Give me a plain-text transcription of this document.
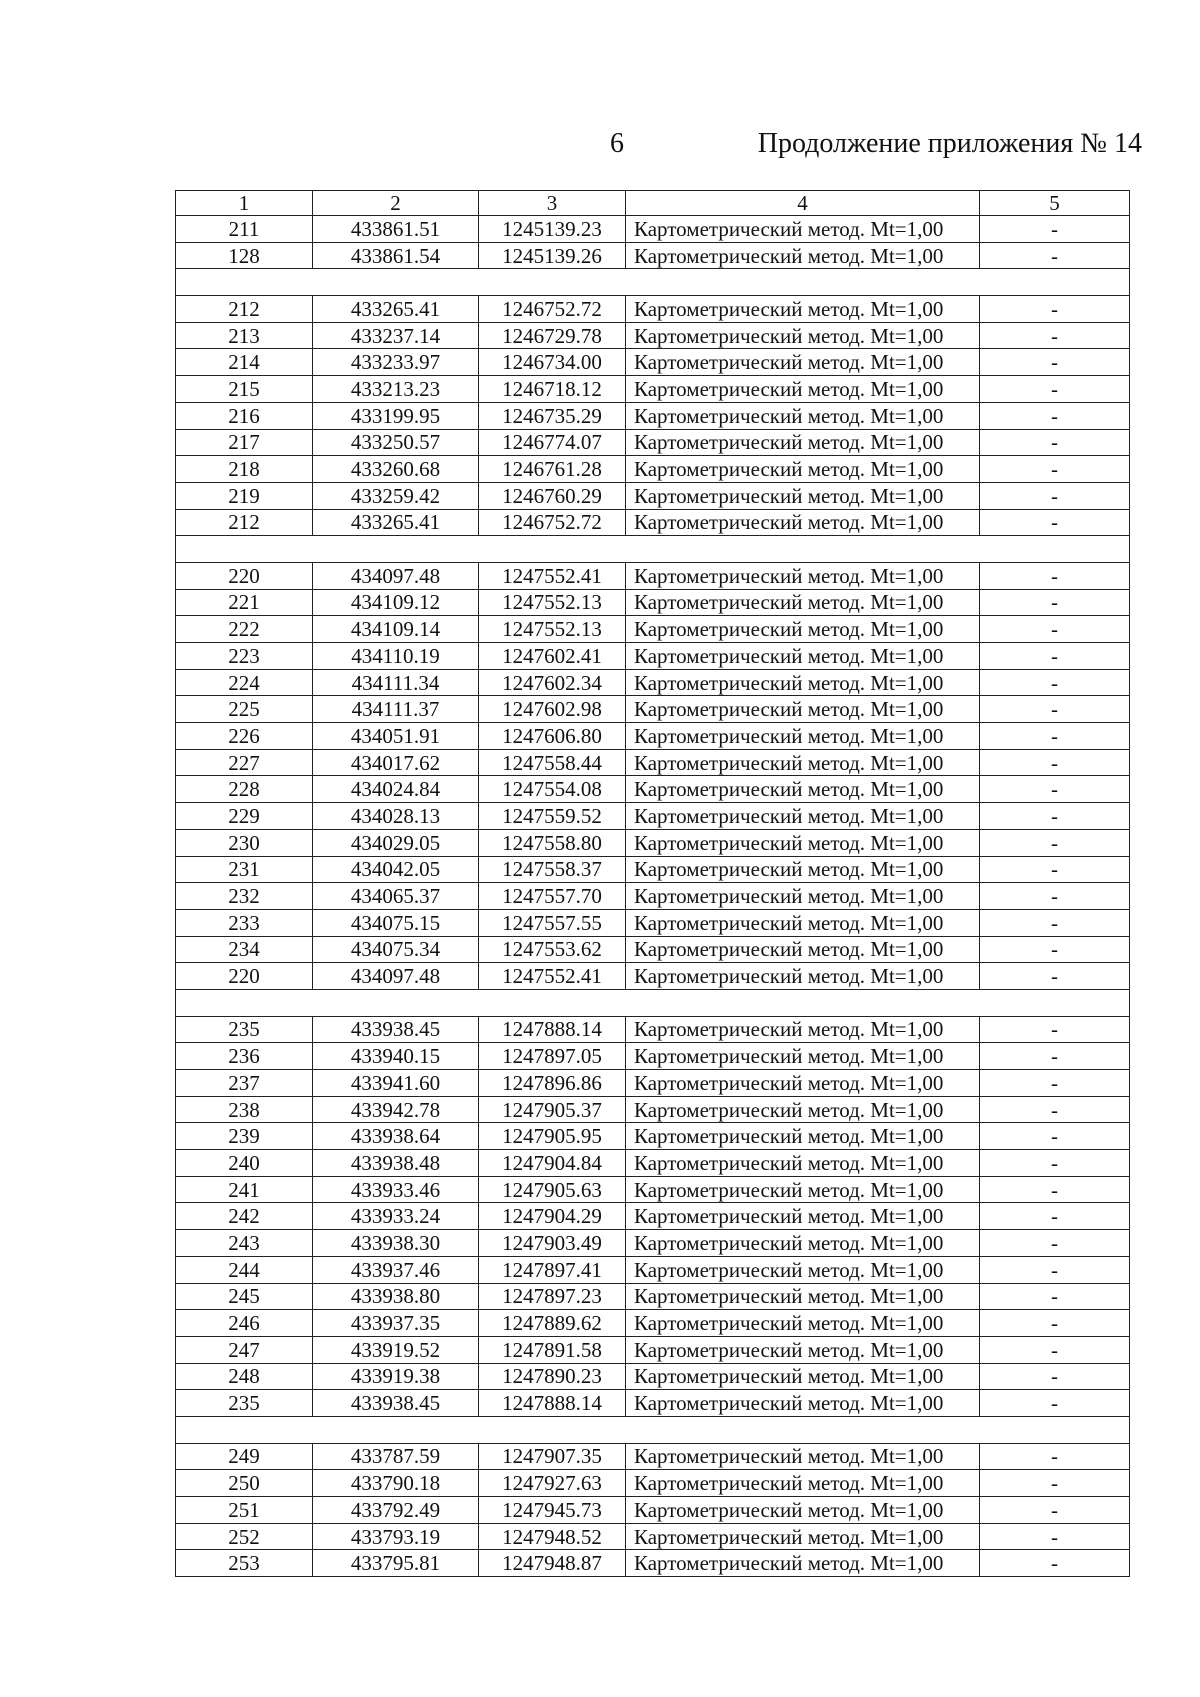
6	Продолжение приложения № 14
1	2	3	4	5
211	433861.51	1245139.23	Картометрический метод. Mt=1,00	-
128	433861.54	1245139.26	Картометрический метод. Mt=1,00	-

212	433265.41	1246752.72	Картометрический метод. Mt=1,00	-
213	433237.14	1246729.78	Картометрический метод. Mt=1,00	-
214	433233.97	1246734.00	Картометрический метод. Mt=1,00	-
215	433213.23	1246718.12	Картометрический метод. Mt=1,00	-
216	433199.95	1246735.29	Картометрический метод. Mt=1,00	-
217	433250.57	1246774.07	Картометрический метод. Mt=1,00	-
218	433260.68	1246761.28	Картометрический метод. Mt=1,00	-
219	433259.42	1246760.29	Картометрический метод. Mt=1,00	-
212	433265.41	1246752.72	Картометрический метод. Mt=1,00	-

220	434097.48	1247552.41	Картометрический метод. Mt=1,00	-
221	434109.12	1247552.13	Картометрический метод. Mt=1,00	-
222	434109.14	1247552.13	Картометрический метод. Mt=1,00	-
223	434110.19	1247602.41	Картометрический метод. Mt=1,00	-
224	434111.34	1247602.34	Картометрический метод. Mt=1,00	-
225	434111.37	1247602.98	Картометрический метод. Mt=1,00	-
226	434051.91	1247606.80	Картометрический метод. Mt=1,00	-
227	434017.62	1247558.44	Картометрический метод. Mt=1,00	-
228	434024.84	1247554.08	Картометрический метод. Mt=1,00	-
229	434028.13	1247559.52	Картометрический метод. Mt=1,00	-
230	434029.05	1247558.80	Картометрический метод. Mt=1,00	-
231	434042.05	1247558.37	Картометрический метод. Mt=1,00	-
232	434065.37	1247557.70	Картометрический метод. Mt=1,00	-
233	434075.15	1247557.55	Картометрический метод. Mt=1,00	-
234	434075.34	1247553.62	Картометрический метод. Mt=1,00	-
220	434097.48	1247552.41	Картометрический метод. Mt=1,00	-

235	433938.45	1247888.14	Картометрический метод. Mt=1,00	-
236	433940.15	1247897.05	Картометрический метод. Mt=1,00	-
237	433941.60	1247896.86	Картометрический метод. Mt=1,00	-
238	433942.78	1247905.37	Картометрический метод. Mt=1,00	-
239	433938.64	1247905.95	Картометрический метод. Mt=1,00	-
240	433938.48	1247904.84	Картометрический метод. Mt=1,00	-
241	433933.46	1247905.63	Картометрический метод. Mt=1,00	-
242	433933.24	1247904.29	Картометрический метод. Mt=1,00	-
243	433938.30	1247903.49	Картометрический метод. Mt=1,00	-
244	433937.46	1247897.41	Картометрический метод. Mt=1,00	-
245	433938.80	1247897.23	Картометрический метод. Mt=1,00	-
246	433937.35	1247889.62	Картометрический метод. Mt=1,00	-
247	433919.52	1247891.58	Картометрический метод. Mt=1,00	-
248	433919.38	1247890.23	Картометрический метод. Mt=1,00	-
235	433938.45	1247888.14	Картометрический метод. Mt=1,00	-

249	433787.59	1247907.35	Картометрический метод. Mt=1,00	-
250	433790.18	1247927.63	Картометрический метод. Mt=1,00	-
251	433792.49	1247945.73	Картометрический метод. Mt=1,00	-
252	433793.19	1247948.52	Картометрический метод. Mt=1,00	-
253	433795.81	1247948.87	Картометрический метод. Mt=1,00	-
